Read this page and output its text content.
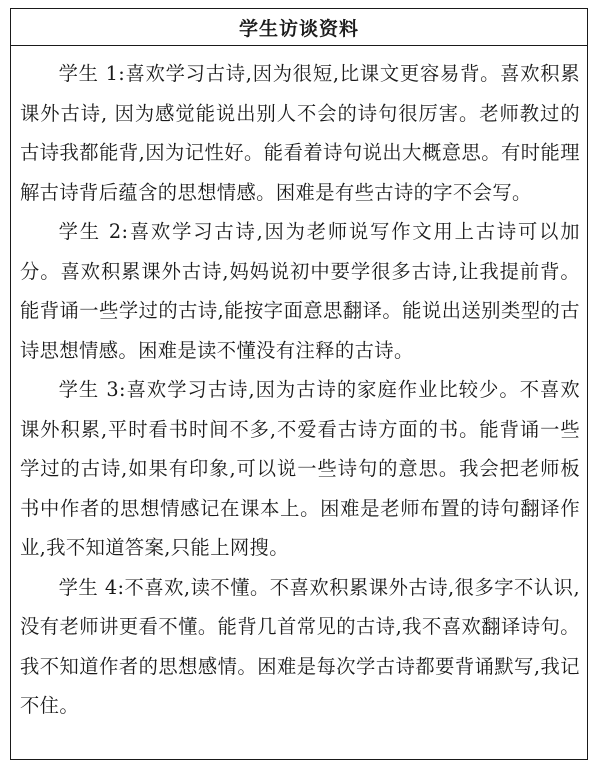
学生访谈资料

学生 1:喜欢学习古诗,因为很短,比课文更容易背。喜欢积累课外古诗, 因为感觉能说出别人不会的诗句很厉害。老师教过的古诗我都能背,因为记性好。能看着诗句说出大概意思。有时能理解古诗背后蕴含的思想情感。困难是有些古诗的字不会写。

学生 2:喜欢学习古诗,因为老师说写作文用上古诗可以加分。喜欢积累课外古诗,妈妈说初中要学很多古诗,让我提前背。能背诵一些学过的古诗,能按字面意思翻译。能说出送别类型的古诗思想情感。困难是读不懂没有注释的古诗。

学生 3:喜欢学习古诗,因为古诗的家庭作业比较少。不喜欢课外积累,平时看书时间不多,不爱看古诗方面的书。能背诵一些学过的古诗,如果有印象,可以说一些诗句的意思。我会把老师板书中作者的思想情感记在课本上。困难是老师布置的诗句翻译作业,我不知道答案,只能上网搜。

学生 4:不喜欢,读不懂。不喜欢积累课外古诗,很多字不认识,没有老师讲更看不懂。能背几首常见的古诗,我不喜欢翻译诗句。我不知道作者的思想感情。困难是每次学古诗都要背诵默写,我记不住。
